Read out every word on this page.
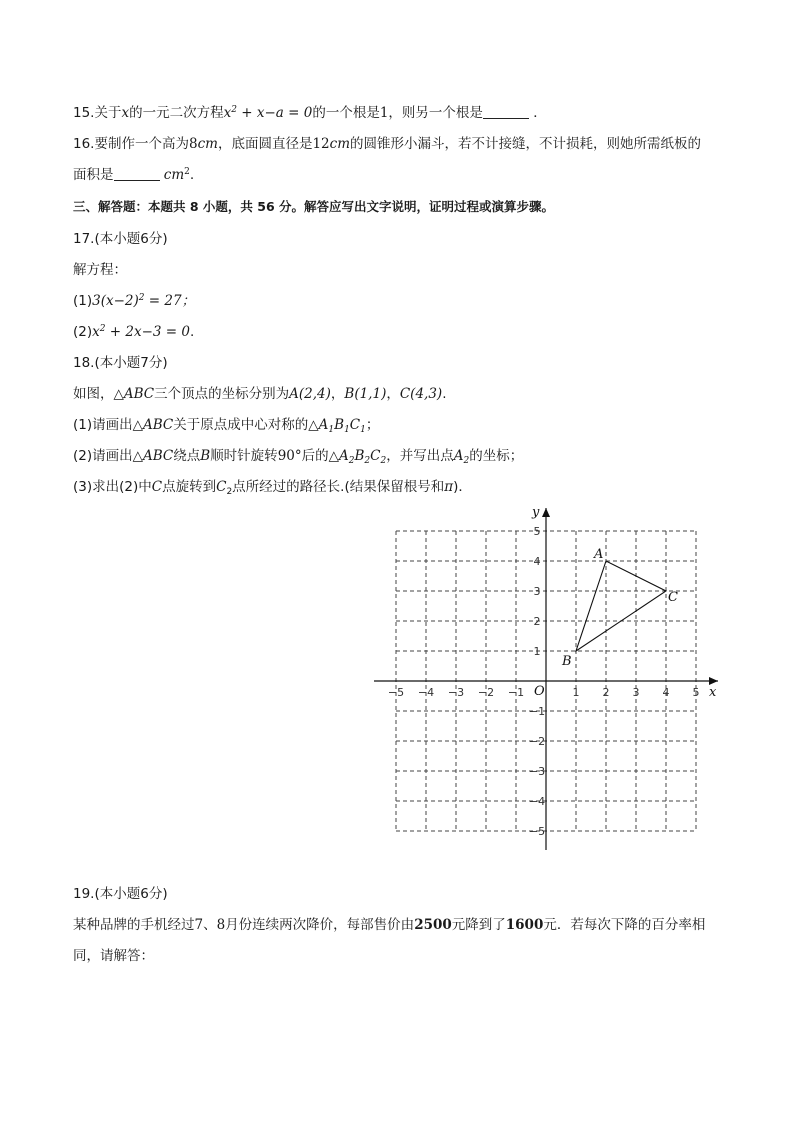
15.关于x的一元二次方程$x^2 + x-a = 0$的一个根是1，则另一个根是	．
16.要制作一个高为8cm，底面圆直径是12cm的圆锥形小漏斗，若不计接缝，不计损耗，则她所需纸板的
面积是	$cm^2$.
三、解答题：本题共 8 小题，共 56 分。解答应写出文字说明，证明过程或演算步骤。
17.(本小题6分)
解方程：
$(1)3(x-2)^2 = 27$；
$(2)x^2 + 2x-3 = 0$.
18.(本小题7分)
如图，△ABC三个顶点的坐标分别为A(2,4)，B(1,1)，C(4,3).
(1)请画出△ABC关于原点成中心对称的$\triangle A_1B_1C_1$；
(2)请画出△ABC绕点B顺时针旋转90°后的$\triangle A_2B_2C_2$，并写出点$A_2$的坐标；
(3)求出(2)中C点旋转到$C_2$点所经过的路径长.(结果保留根号和π)．
−5 −4 −3 −2 −1	1 2 3 4 5
5
4
3
2
1
−1
−2
−3
−4
−5
A
B
C
x
y
O
19.(本小题6分)
某种品牌的手机经过7、8月份连续两次降价，每部售价由2500元降到了1600元．若每次下降的百分率相
同，请解答：
